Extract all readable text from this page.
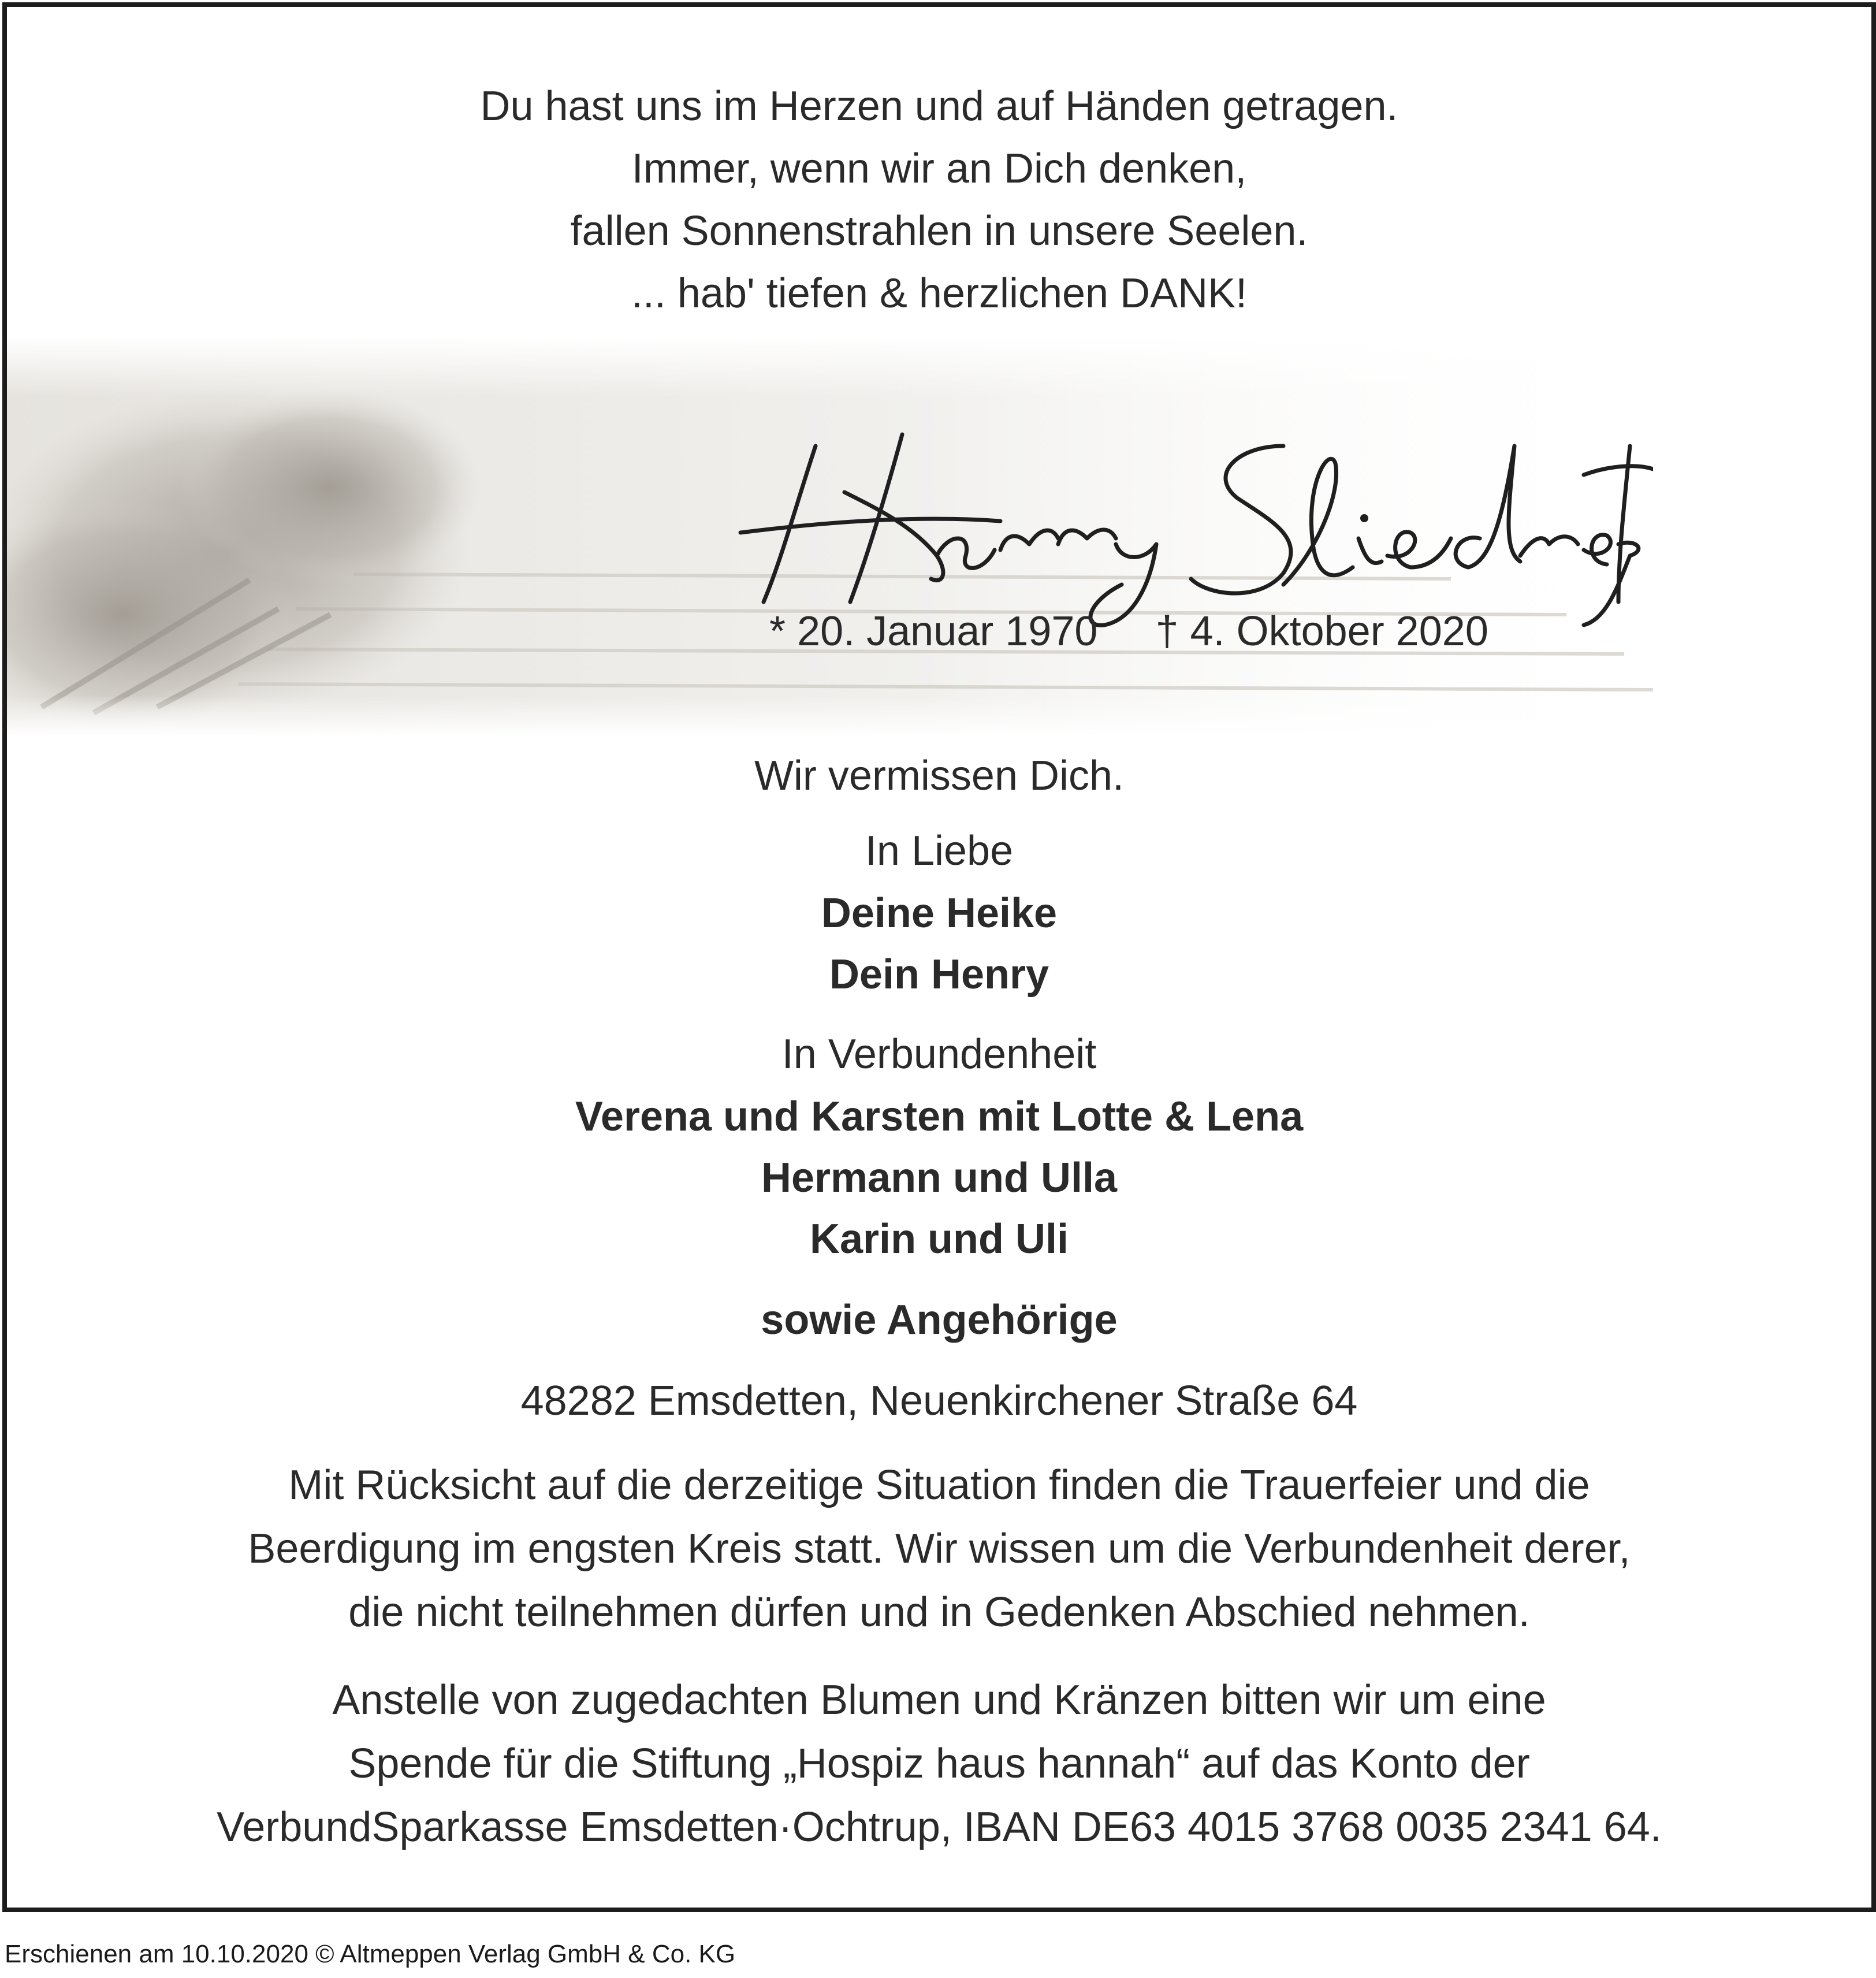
Du hast uns im Herzen und auf Händen getragen.
Immer, wenn wir an Dich denken,
fallen Sonnenstrahlen in unsere Seelen.
... hab' tiefen & herzlichen DANK!
* 20. Januar 1970 † 4. Oktober 2020
Wir vermissen Dich.
In Liebe
Deine Heike
Dein Henry
In Verbundenheit
Verena und Karsten mit Lotte & Lena
Hermann und Ulla
Karin und Uli
sowie Angehörige
48282 Emsdetten, Neuenkirchener Straße 64
Mit Rücksicht auf die derzeitige Situation finden die Trauerfeier und die
Beerdigung im engsten Kreis statt. Wir wissen um die Verbundenheit derer,
die nicht teilnehmen dürfen und in Gedenken Abschied nehmen.
Anstelle von zugedachten Blumen und Kränzen bitten wir um eine
Spende für die Stiftung „Hospiz haus hannah“ auf das Konto der
VerbundSparkasse Emsdetten·Ochtrup, IBAN DE63 4015 3768 0035 2341 64.
Erschienen am 10.10.2020 © Altmeppen Verlag GmbH & Co. KG
